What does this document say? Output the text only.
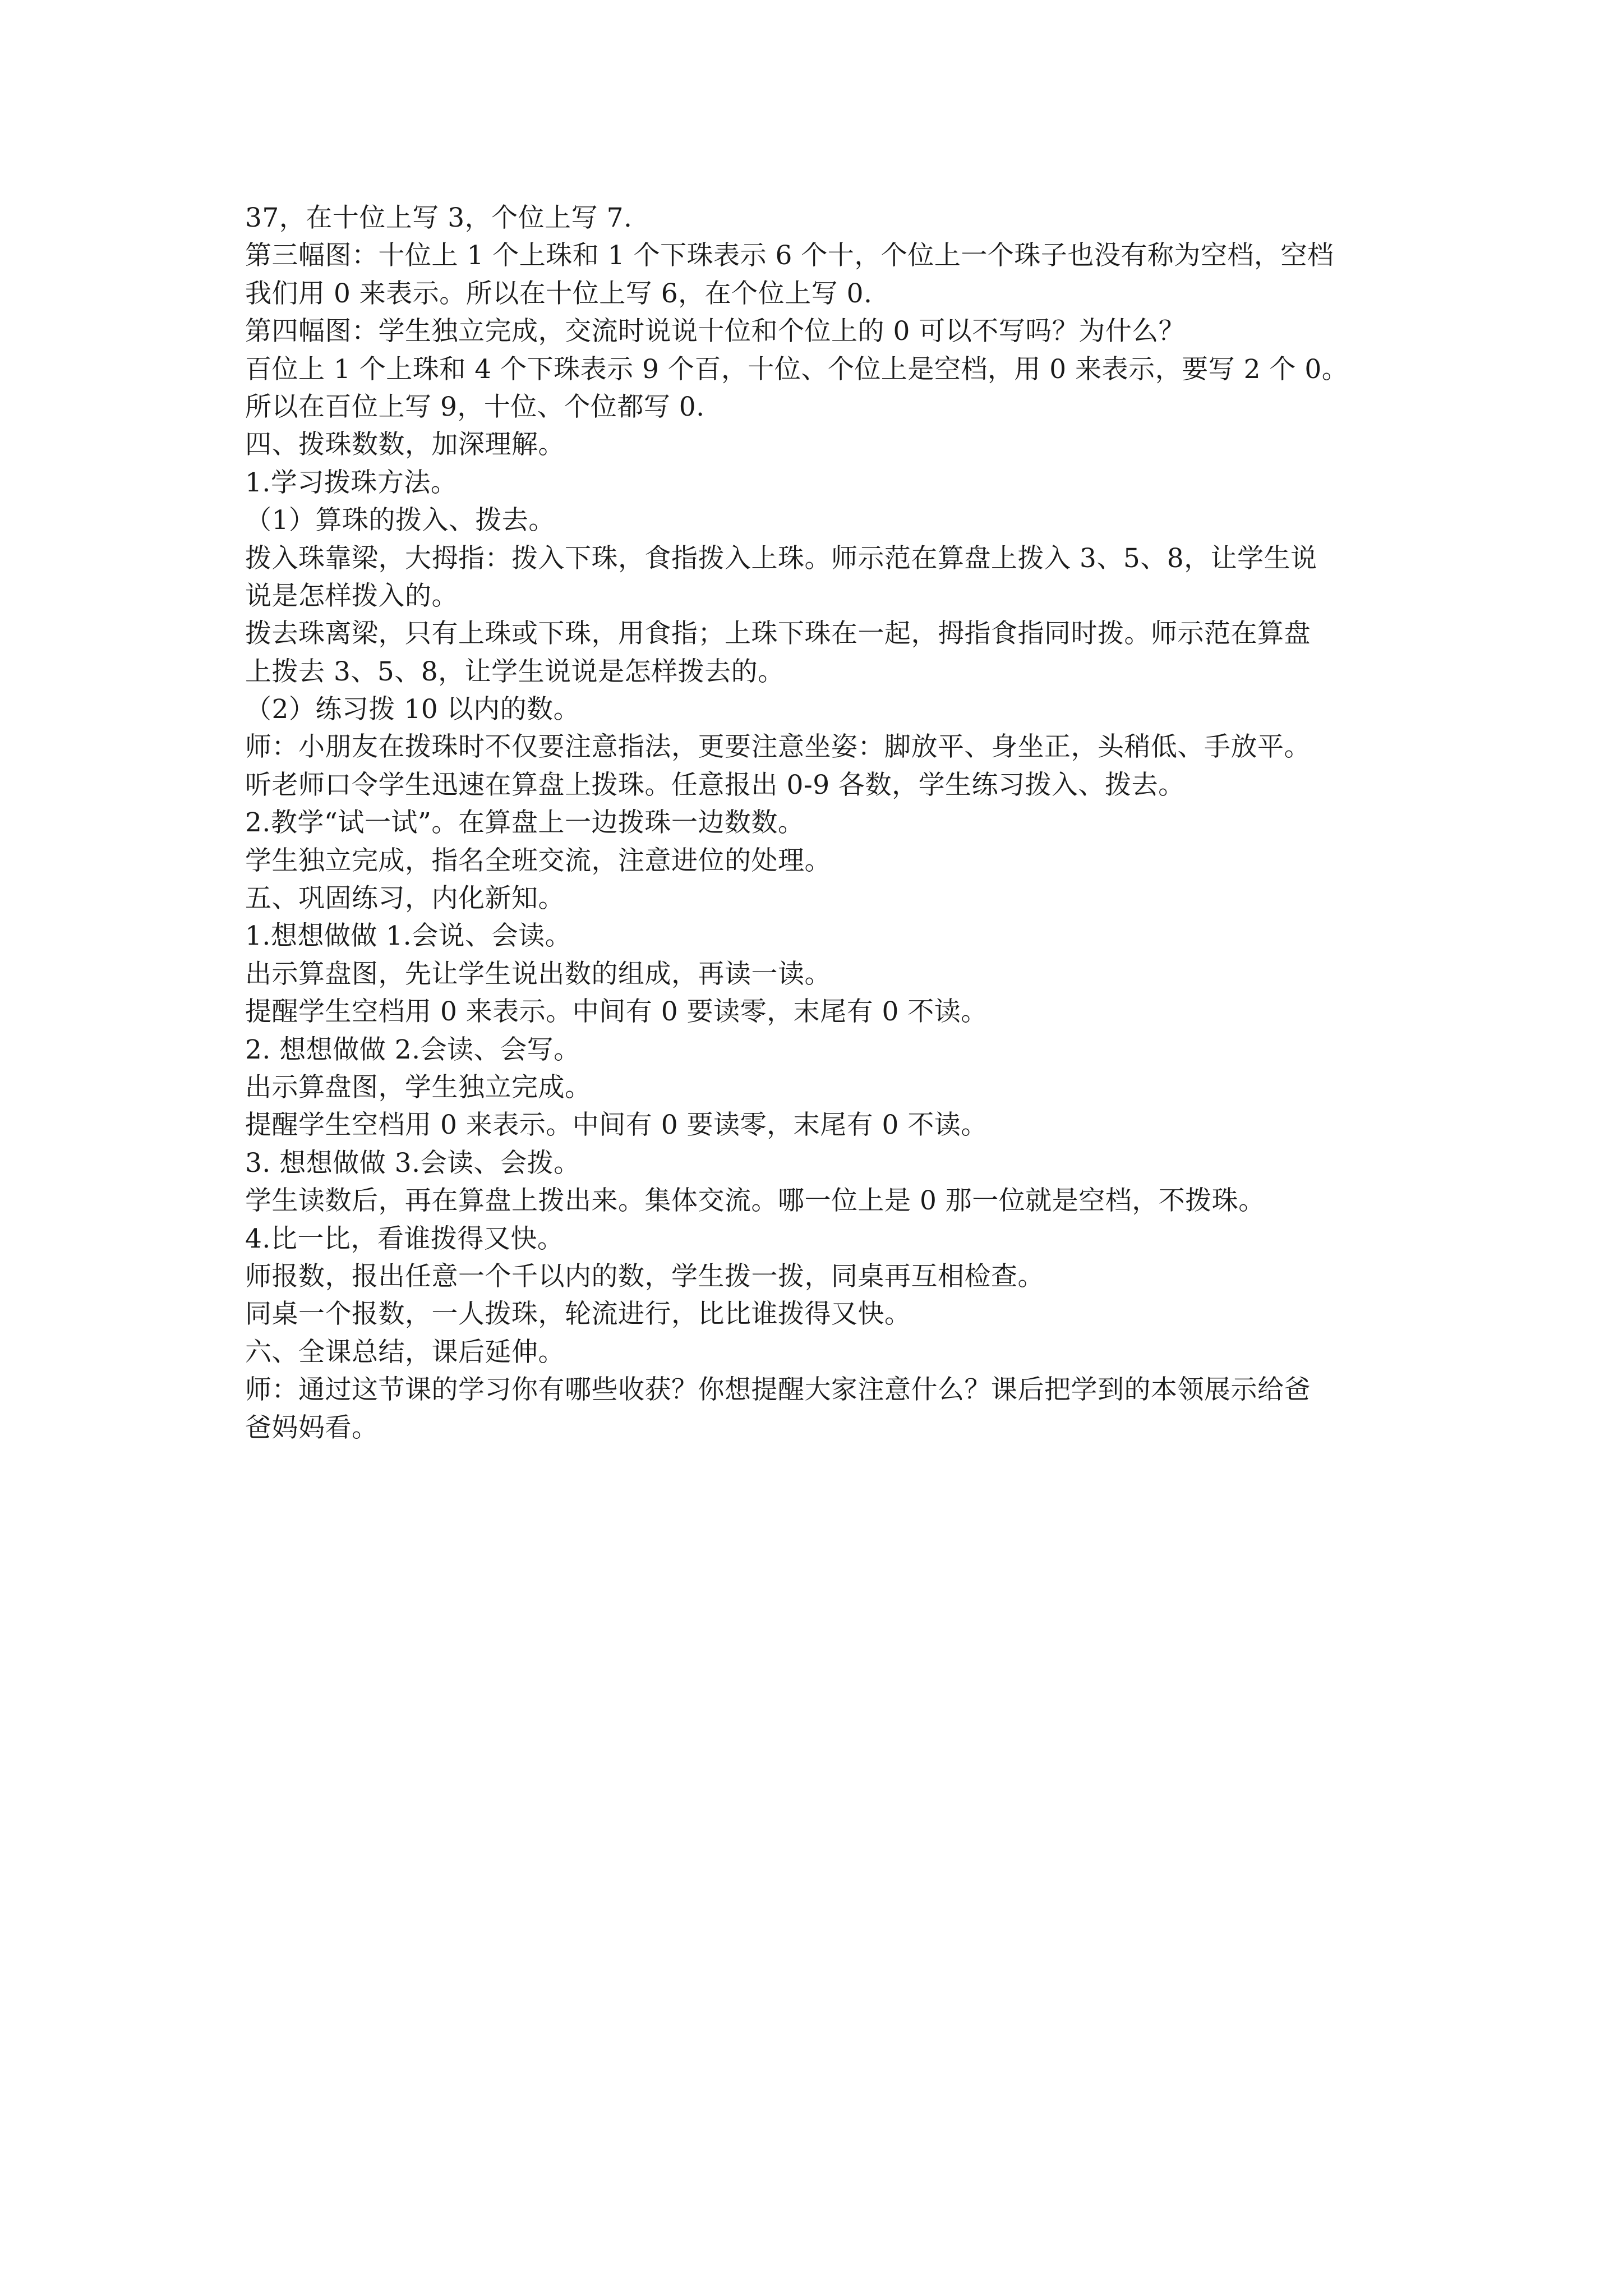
37，在十位上写 3，个位上写 7.
第三幅图：十位上 1 个上珠和 1 个下珠表示 6 个十，个位上一个珠子也没有称为空档，空档
我们用 0 来表示。所以在十位上写 6，在个位上写 0.
第四幅图：学生独立完成，交流时说说十位和个位上的 0 可以不写吗？为什么？
百位上 1 个上珠和 4 个下珠表示 9 个百，十位、个位上是空档，用 0 来表示，要写 2 个 0。
所以在百位上写 9，十位、个位都写 0.
四、拨珠数数，加深理解。
1.学习拨珠方法。
（1）算珠的拨入、拨去。
拨入珠靠梁，大拇指：拨入下珠，食指拨入上珠。师示范在算盘上拨入 3、5、8，让学生说
说是怎样拨入的。
拨去珠离梁，只有上珠或下珠，用食指；上珠下珠在一起，拇指食指同时拨。师示范在算盘
上拨去 3、5、8，让学生说说是怎样拨去的。
（2）练习拨 10 以内的数。
师：小朋友在拨珠时不仅要注意指法，更要注意坐姿：脚放平、身坐正，头稍低、手放平。
听老师口令学生迅速在算盘上拨珠。任意报出 0-9 各数，学生练习拨入、拨去。
2.教学“试一试”。在算盘上一边拨珠一边数数。
学生独立完成，指名全班交流，注意进位的处理。
五、巩固练习，内化新知。
1.想想做做 1.会说、会读。
出示算盘图，先让学生说出数的组成，再读一读。
提醒学生空档用 0 来表示。中间有 0 要读零，末尾有 0 不读。
2. 想想做做 2.会读、会写。
出示算盘图，学生独立完成。
提醒学生空档用 0 来表示。中间有 0 要读零，末尾有 0 不读。
3. 想想做做 3.会读、会拨。
学生读数后，再在算盘上拨出来。集体交流。哪一位上是 0 那一位就是空档，不拨珠。
4.比一比，看谁拨得又快。
师报数，报出任意一个千以内的数，学生拨一拨，同桌再互相检查。
同桌一个报数，一人拨珠，轮流进行，比比谁拨得又快。
六、全课总结，课后延伸。
师：通过这节课的学习你有哪些收获？你想提醒大家注意什么？课后把学到的本领展示给爸
爸妈妈看。
